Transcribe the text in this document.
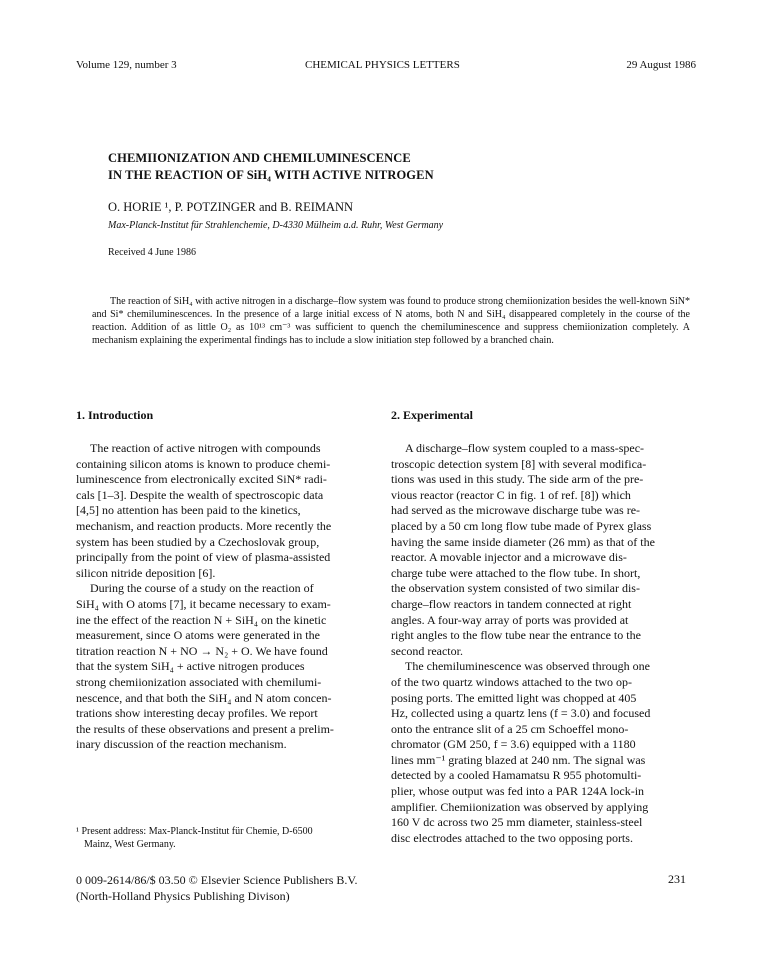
Volume 129, number 3	CHEMICAL PHYSICS LETTERS	29 August 1986
CHEMIIONIZATION AND CHEMILUMINESCENCE
IN THE REACTION OF SiH₄ WITH ACTIVE NITROGEN
O. HORIE ¹, P. POTZINGER and B. REIMANN
Max-Planck-Institut für Strahlenchemie, D-4330 Mülheim a.d. Ruhr, West Germany
Received 4 June 1986

The reaction of SiH₄ with active nitrogen in a discharge–flow system was found to produce strong chemiionization besides the well-known SiN* and Si* chemiluminescences. In the presence of a large initial excess of N atoms, both N and SiH₄ disappeared completely in the course of the reaction. Addition of as little O₂ as 10¹³ cm⁻³ was sufficient to quench the chemiluminescence and suppress chemiionization completely. A mechanism explaining the experimental findings has to include a slow initiation step followed by a branched chain.

1. Introduction
The reaction of active nitrogen with compounds
containing silicon atoms is known to produce chemi-
luminescence from electronically excited SiN* radi-
cals [1–3]. Despite the wealth of spectroscopic data
[4,5] no attention has been paid to the kinetics,
mechanism, and reaction products. More recently the
system has been studied by a Czechoslovak group,
principally from the point of view of plasma-assisted
silicon nitride deposition [6].
During the course of a study on the reaction of
SiH₄ with O atoms [7], it became necessary to exam-
ine the effect of the reaction N + SiH₄ on the kinetic
measurement, since O atoms were generated in the
titration reaction N + NO → N₂ + O. We have found
that the system SiH₄ + active nitrogen produces
strong chemiionization associated with chemilumi-
nescence, and that both the SiH₄ and N atom concen-
trations show interesting decay profiles. We report
the results of these observations and present a prelim-
inary discussion of the reaction mechanism.
2. Experimental
A discharge–flow system coupled to a mass-spec-
troscopic detection system [8] with several modifica-
tions was used in this study. The side arm of the pre-
vious reactor (reactor C in fig. 1 of ref. [8]) which
had served as the microwave discharge tube was re-
placed by a 50 cm long flow tube made of Pyrex glass
having the same inside diameter (26 mm) as that of the
reactor. A movable injector and a microwave dis-
charge tube were attached to the flow tube. In short,
the observation system consisted of two similar dis-
charge–flow reactors in tandem connected at right
angles. A four-way array of ports was provided at
right angles to the flow tube near the entrance to the
second reactor.
The chemiluminescence was observed through one
of the two quartz windows attached to the two op-
posing ports. The emitted light was chopped at 405
Hz, collected using a quartz lens (f = 3.0) and focused
onto the entrance slit of a 25 cm Schoeffel mono-
chromator (GM 250, f = 3.6) equipped with a 1180
lines mm⁻¹ grating blazed at 240 nm. The signal was
detected by a cooled Hamamatsu R 955 photomulti-
plier, whose output was fed into a PAR 124A lock-in
amplifier. Chemiionization was observed by applying
160 V dc across two 25 mm diameter, stainless-steel
disc electrodes attached to the two opposing ports.
¹ Present address: Max-Planck-Institut für Chemie, D-6500
Mainz, West Germany.
0 009-2614/86/$ 03.50 © Elsevier Science Publishers B.V.
(North-Holland Physics Publishing Divison)
231
